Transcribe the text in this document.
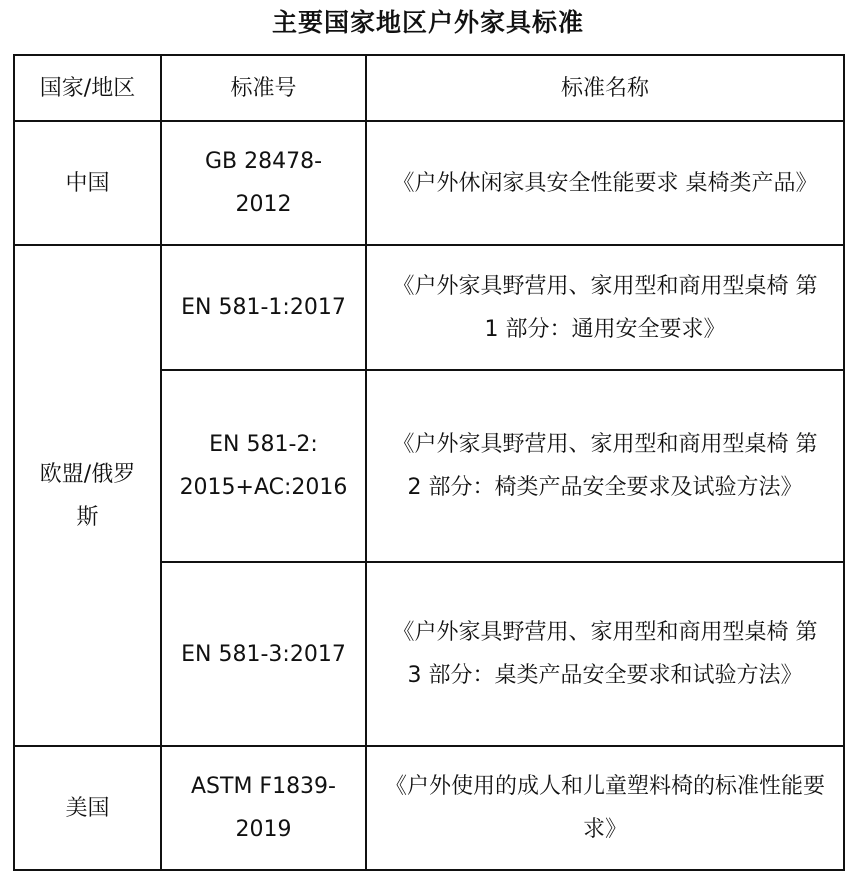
主要国家地区户外家具标准
国家/地区	标准号	标准名称
中国	GB 28478-2012	《户外休闲家具安全性能要求 桌椅类产品》
欧盟/俄罗斯	EN 581-1:2017	《户外家具野营用、家用型和商用型桌椅 第 1 部分：通用安全要求》
	EN 581-2: 2015+AC:2016	《户外家具野营用、家用型和商用型桌椅 第 2 部分：椅类产品安全要求及试验方法》
	EN 581-3:2017	《户外家具野营用、家用型和商用型桌椅 第 3 部分：桌类产品安全要求和试验方法》
美国	ASTM F1839-2019	《户外使用的成人和儿童塑料椅的标准性能要求》
